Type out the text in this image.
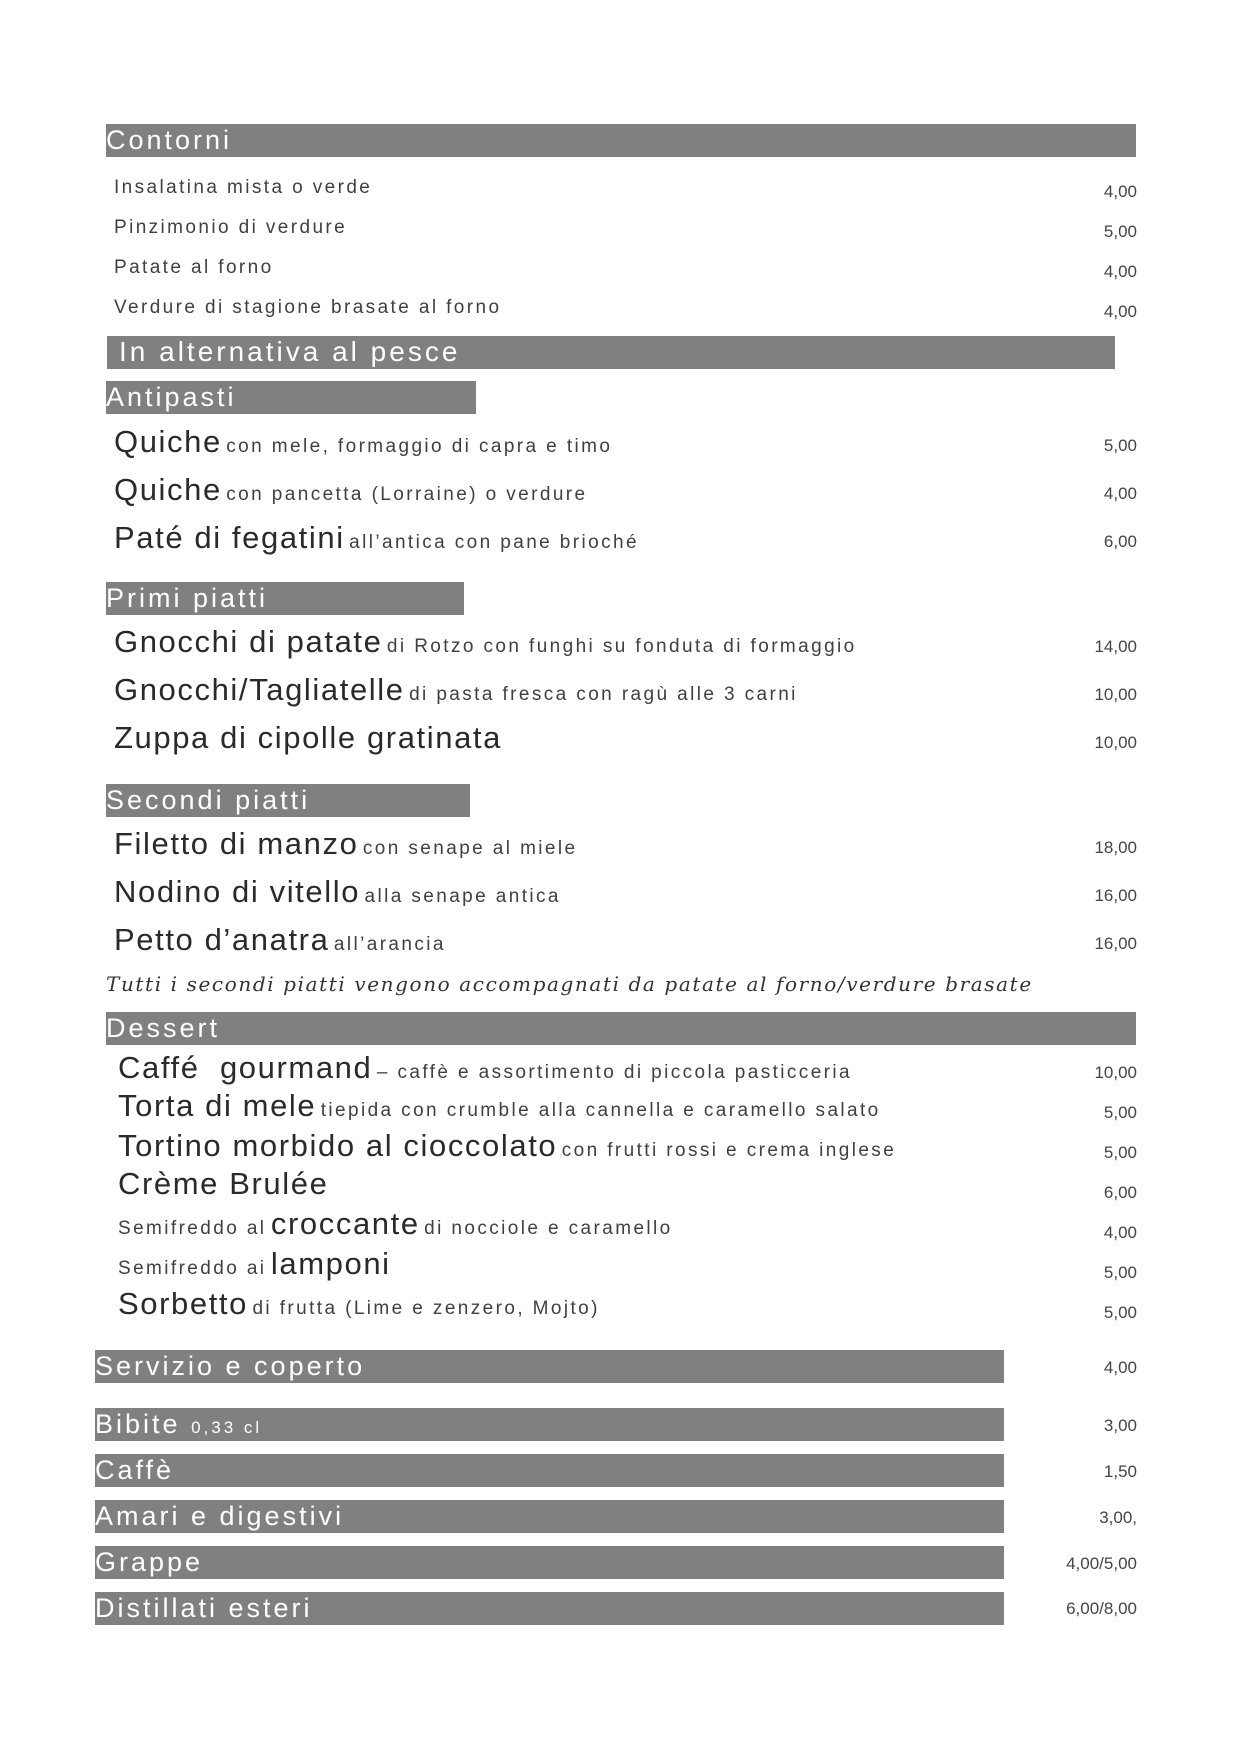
Contorni
Insalatina mista o verde	4,00
Pinzimonio di verdure	5,00
Patate al forno	4,00
Verdure di stagione brasate al forno	4,00
In alternativa al pesce
Antipasti
Quiche con mele, formaggio di capra e timo	5,00
Quiche con pancetta (Lorraine) o verdure	4,00
Paté di fegatini all’antica con pane brioché	6,00
Primi piatti
Gnocchi di patate di Rotzo con funghi su fonduta di formaggio	14,00
Gnocchi/Tagliatelle di pasta fresca con ragù alle 3 carni	10,00
Zuppa di cipolle gratinata	10,00
Secondi piatti
Filetto di manzo con senape al miele	18,00
Nodino di vitello alla senape antica	16,00
Petto d’anatra all’arancia	16,00
Tutti i secondi piatti vengono accompagnati da patate al forno/verdure brasate
Dessert
Caffé  gourmand – caffè e assortimento di piccola pasticceria	10,00
Torta di mele tiepida con crumble alla cannella e caramello salato	5,00
Tortino morbido al cioccolato con frutti rossi e crema inglese	5,00
Crème Brulée	6,00
Semifreddo al croccante di nocciole e caramello	4,00
Semifreddo ai lamponi	5,00
Sorbetto di frutta (Lime e zenzero, Mojto)	5,00
Servizio e coperto	4,00
Bibite 0,33 cl	3,00
Caffè	1,50
Amari e digestivi	3,00,
Grappe	4,00/5,00
Distillati esteri	6,00/8,00
